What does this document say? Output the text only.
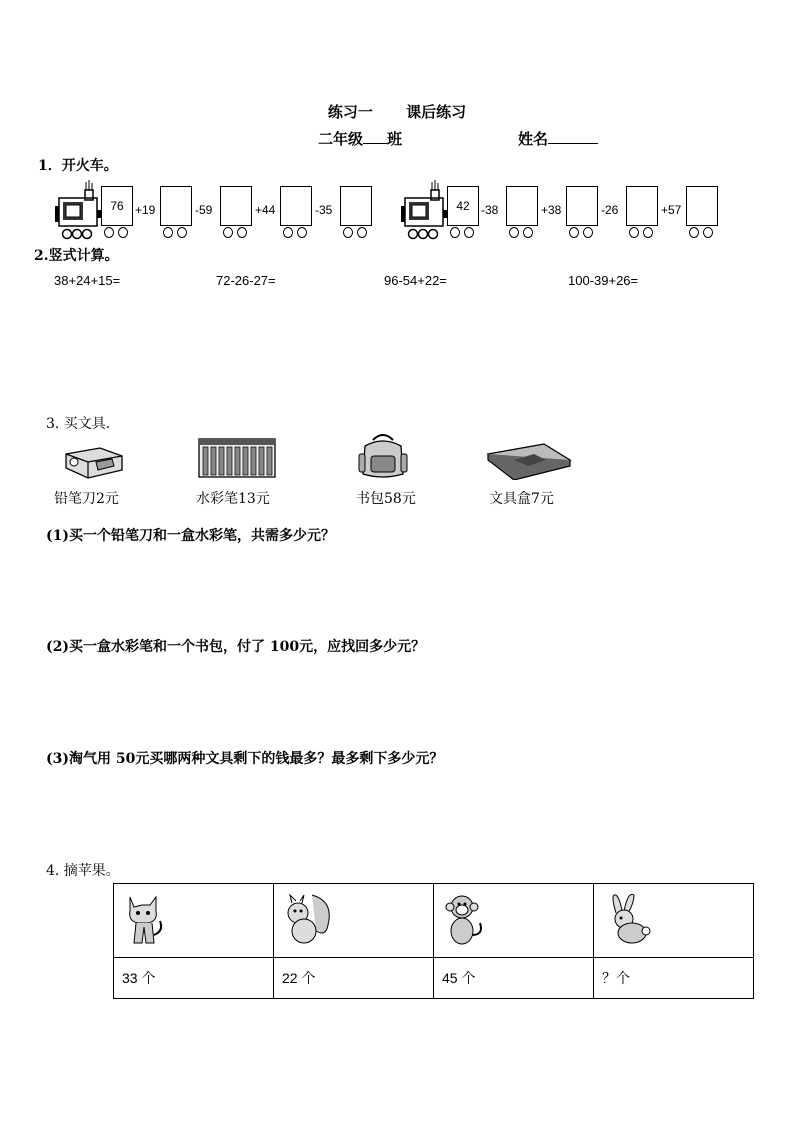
练习一 课后练习
二年级 班	姓名
1．开火车。
76 +19	-59	+44	-35	42 -38	+38	-26	+57
2.竖式计算。
38+24+15=	72-26-27=	96-54+22=	100-39+26=
3. 买文具.
铅笔刀2元	水彩笔13元	书包58元	文具盒7元
(1)买一个铅笔刀和一盒水彩笔，共需多少元？
(2)买一盒水彩笔和一个书包，付了 100元，应找回多少元？
(3)淘气用 50元买哪两种文具剩下的钱最多？最多剩下多少元？
4. 摘苹果。

33 个	22 个	45 个	？个
